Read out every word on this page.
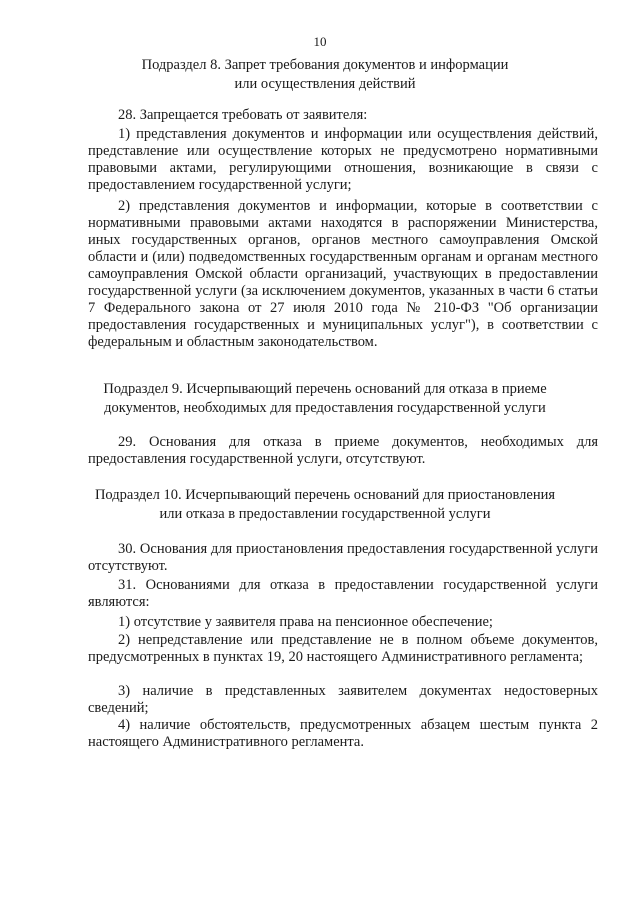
10
Подраздел 8. Запрет требования документов и информации
или осуществления действий
28. Запрещается требовать от заявителя:
1) представления документов и информации или осуществления действий, представление или осуществление которых не предусмотрено нормативными правовыми актами, регулирующими отношения, возникающие в связи с предоставлением государственной услуги;
2) представления документов и информации, которые в соответствии с нормативными правовыми актами находятся в распоряжении Министерства, иных государственных органов, органов местного самоуправления Омской области и (или) подведомственных государственным органам и органам местного самоуправления Омской области организаций, участвующих в предоставлении государственной услуги (за исключением документов, указанных в части 6 статьи 7 Федерального закона от 27 июля 2010 года № 210-ФЗ "Об организации предоставления государственных и муниципальных услуг"), в соответствии с федеральным и областным законодательством.
Подраздел 9. Исчерпывающий перечень оснований для отказа в приеме
документов, необходимых для предоставления государственной услуги
29. Основания для отказа в приеме документов, необходимых для предоставления государственной услуги, отсутствуют.
Подраздел 10. Исчерпывающий перечень оснований для приостановления
или отказа в предоставлении государственной услуги
30. Основания для приостановления предоставления государственной услуги отсутствуют.
31. Основаниями для отказа в предоставлении государственной услуги являются:
1) отсутствие у заявителя права на пенсионное обеспечение;
2) непредставление или представление не в полном объеме документов, предусмотренных в пунктах 19, 20 настоящего Административного регламента;
3) наличие в представленных заявителем документах недостоверных сведений;
4) наличие обстоятельств, предусмотренных абзацем шестым пункта 2 настоящего Административного регламента.
